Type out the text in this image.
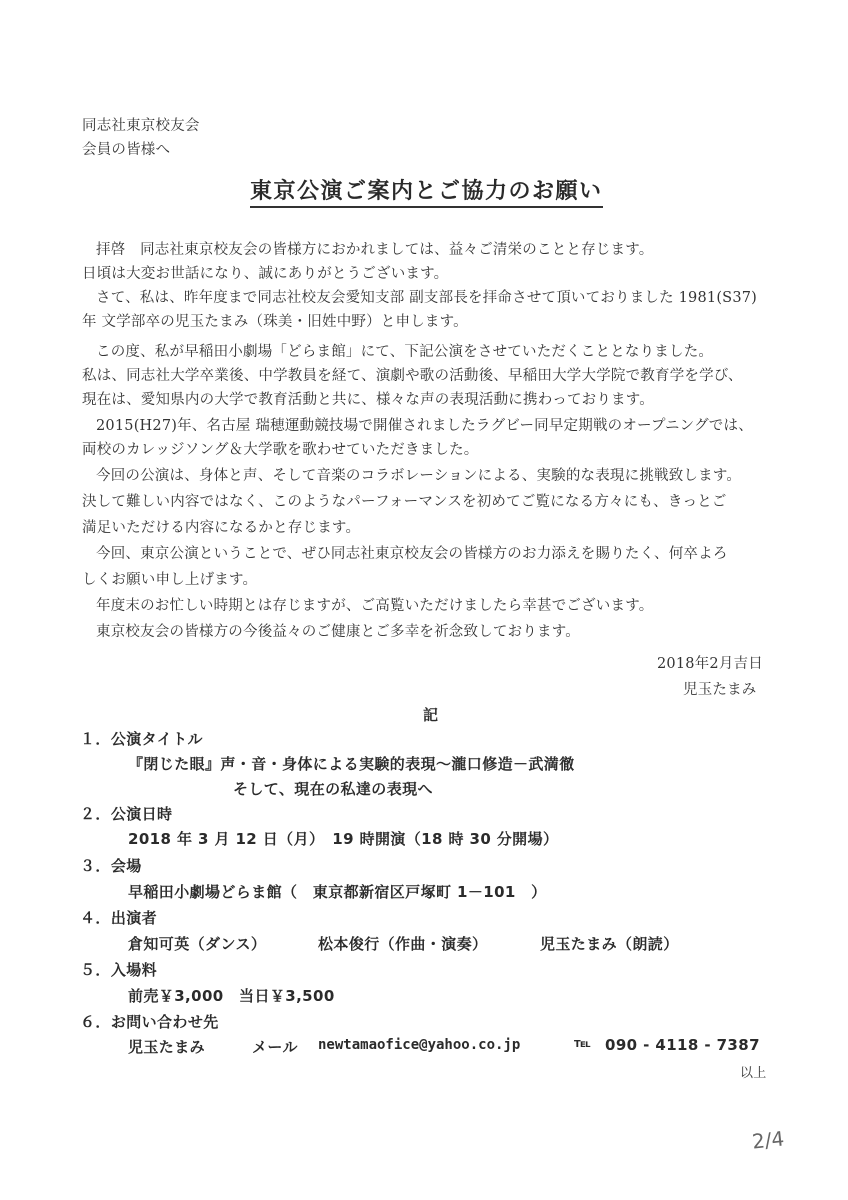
同志社東京校友会
会員の皆様へ
東京公演ご案内とご協力のお願い
拝啓　同志社東京校友会の皆様方におかれましては、益々ご清栄のことと存じます。
日頃は大変お世話になり、誠にありがとうございます。
さて、私は、昨年度まで同志社校友会愛知支部 副支部長を拝命させて頂いておりました 1981(S37)
年 文学部卒の児玉たまみ（珠美・旧姓中野）と申します。
この度、私が早稲田小劇場「どらま館」にて、下記公演をさせていただくこととなりました。
私は、同志社大学卒業後、中学教員を経て、演劇や歌の活動後、早稲田大学大学院で教育学を学び、
現在は、愛知県内の大学で教育活動と共に、様々な声の表現活動に携わっております。
2015(H27)年、名古屋 瑞穂運動競技場で開催されましたラグビー同早定期戦のオープニングでは、
両校のカレッジソング＆大学歌を歌わせていただきました。
今回の公演は、身体と声、そして音楽のコラボレーションによる、実験的な表現に挑戦致します。
決して難しい内容ではなく、このようなパーフォーマンスを初めてご覧になる方々にも、きっとご
満足いただける内容になるかと存じます。
今回、東京公演ということで、ぜひ同志社東京校友会の皆様方のお力添えを賜りたく、何卒よろ
しくお願い申し上げます。
年度末のお忙しい時期とは存じますが、ご高覧いただけましたら幸甚でございます。
東京校友会の皆様方の今後益々のご健康とご多幸を祈念致しております。
2018年2月吉日
児玉たまみ
記
１．公演タイトル
『閉じた眼』声・音・身体による実験的表現～瀧口修造－武満徹
そして、現在の私達の表現へ
２．公演日時
2018 年 3 月 12 日（月）　19 時開演（18 時 30 分開場）
３．会場
早稲田小劇場どらま館（　東京都新宿区戸塚町 1－101　）
４．出演者
倉知可英（ダンス）	松本俊行（作曲・演奏）	児玉たまみ（朗読）
５．入場料
前売￥3,000　当日￥3,500
６．お問い合わせ先
児玉たまみ	メール newtamaofice@yahoo.co.jp	℡ 090 - 4118 - 7387
以上
2/4
